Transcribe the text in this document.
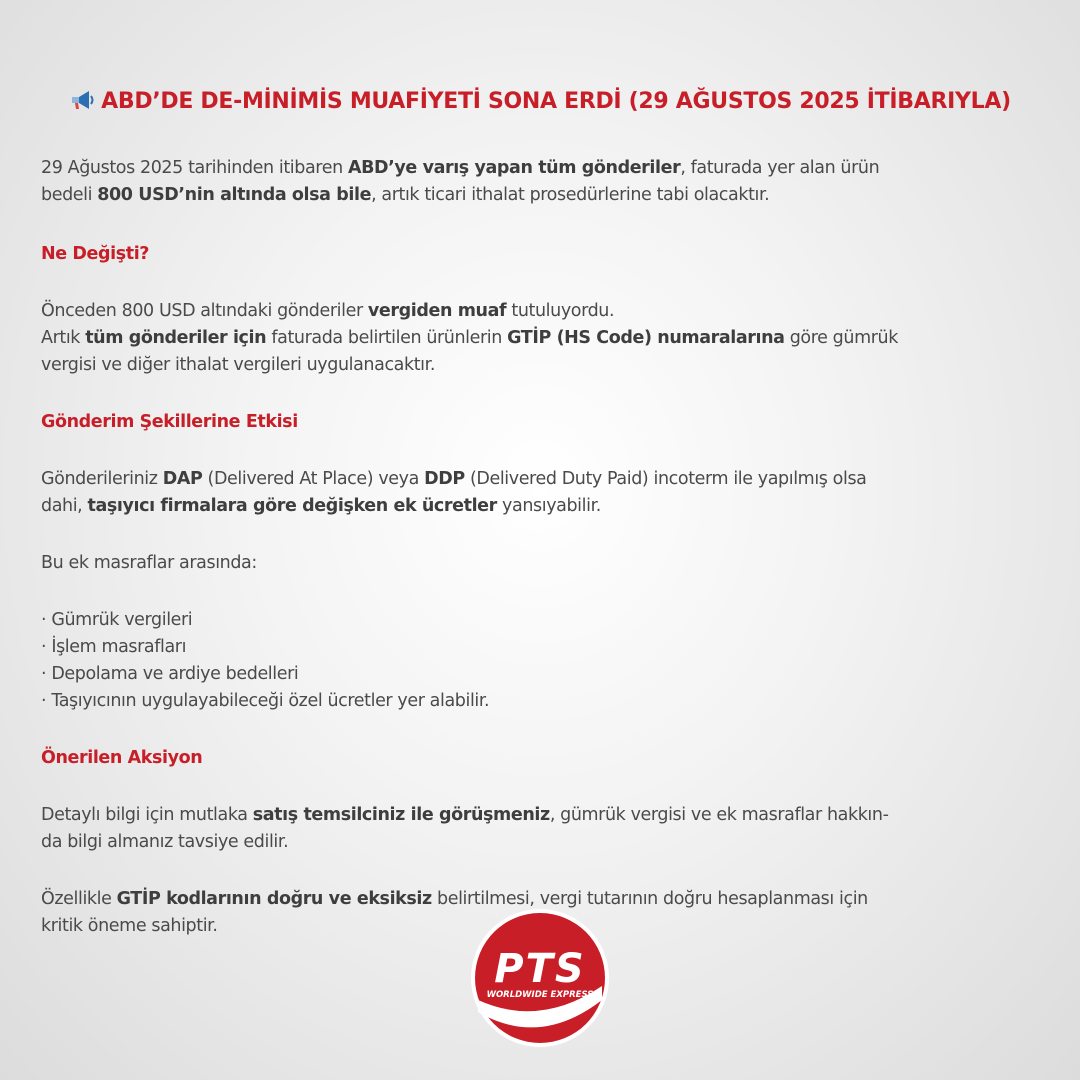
ABD’DE DE-MİNİMİS MUAFİYETİ SONA ERDİ (29 AĞUSTOS 2025 İTİBARIYLA)

29 Ağustos 2025 tarihinden itibaren ABD’ye varış yapan tüm gönderiler, faturada yer alan ürün

bedeli 800 USD’nin altında olsa bile, artık ticari ithalat prosedürlerine tabi olacaktır.

Ne Değişti?

Önceden 800 USD altındaki gönderiler vergiden muaf tutuluyordu.

Artık tüm gönderiler için faturada belirtilen ürünlerin GTİP (HS Code) numaralarına göre gümrük

vergisi ve diğer ithalat vergileri uygulanacaktır.

Gönderim Şekillerine Etkisi

Gönderileriniz DAP (Delivered At Place) veya DDP (Delivered Duty Paid) incoterm ile yapılmış olsa

dahi, taşıyıcı firmalara göre değişken ek ücretler yansıyabilir.

Bu ek masraflar arasında:

· Gümrük vergileri

· İşlem masrafları

· Depolama ve ardiye bedelleri

· Taşıyıcının uygulayabileceği özel ücretler yer alabilir.

Önerilen Aksiyon

Detaylı bilgi için mutlaka satış temsilciniz ile görüşmeniz, gümrük vergisi ve ek masraflar hakkın-

da bilgi almanız tavsiye edilir.

Özellikle GTİP kodlarının doğru ve eksiksiz belirtilmesi, vergi tutarının doğru hesaplanması için

kritik öneme sahiptir.

PTS
WORLDWIDE EXPRESS
